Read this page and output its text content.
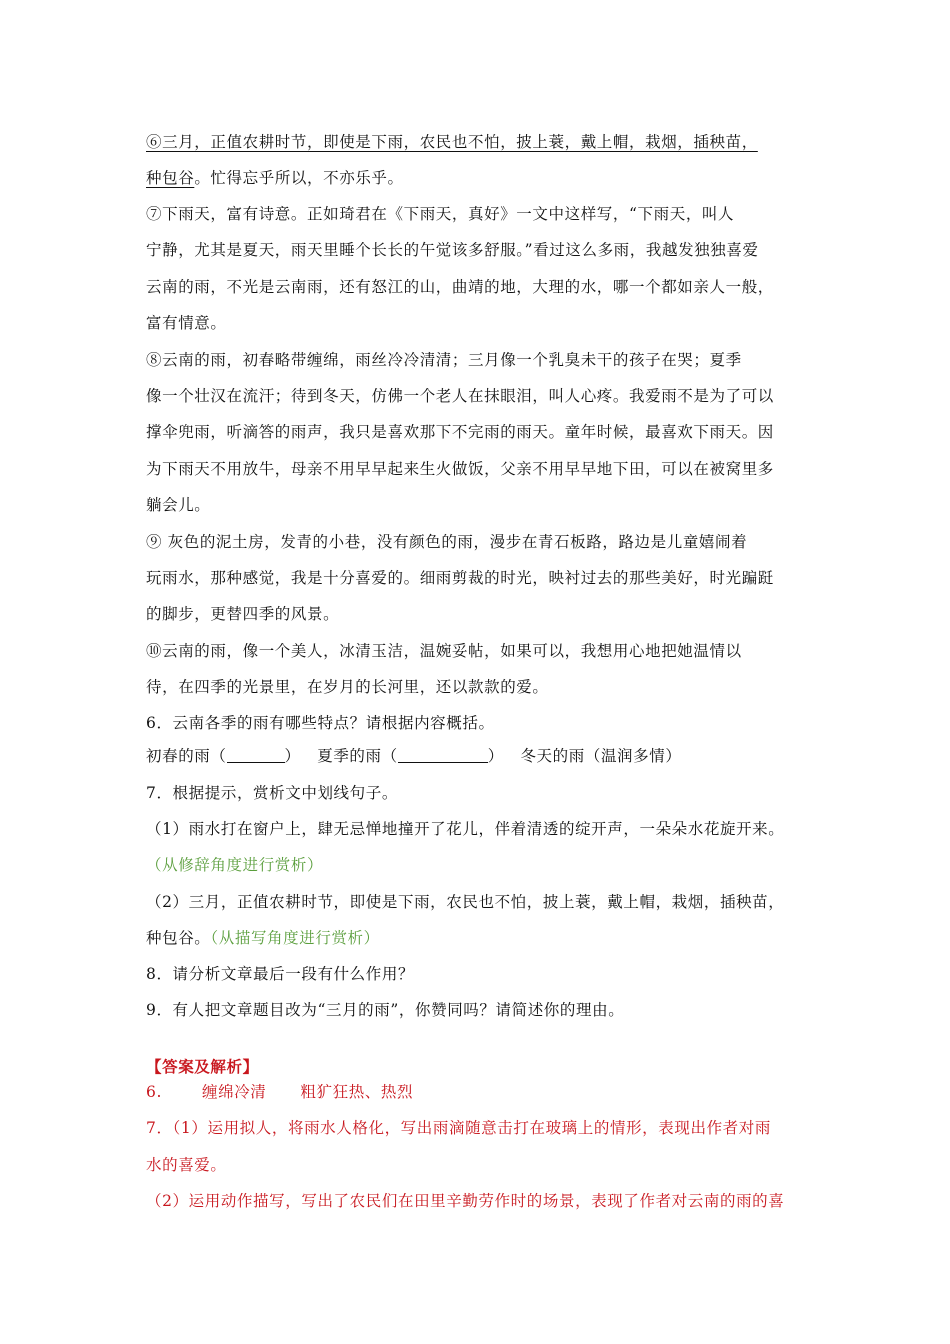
⑥三月，正值农耕时节，即使是下雨，农民也不怕，披上蓑，戴上帽，栽烟，插秧苗，
种包谷。忙得忘乎所以，不亦乐乎。
⑦下雨天，富有诗意。正如琦君在《下雨天，真好》一文中这样写，“下雨天，叫人
宁静，尤其是夏天，雨天里睡个长长的午觉该多舒服。”看过这么多雨，我越发独独喜爱
云南的雨，不光是云南雨，还有怒江的山，曲靖的地，大理的水，哪一个都如亲人一般，
富有情意。
⑧云南的雨，初春略带缠绵，雨丝冷冷清清；三月像一个乳臭未干的孩子在哭；夏季
像一个壮汉在流汗；待到冬天，仿佛一个老人在抹眼泪，叫人心疼。我爱雨不是为了可以
撑伞兜雨，听滴答的雨声，我只是喜欢那下不完雨的雨天。童年时候，最喜欢下雨天。因
为下雨天不用放牛，母亲不用早早起来生火做饭，父亲不用早早地下田，可以在被窝里多
躺会儿。
⑨ 灰色的泥土房，发青的小巷，没有颜色的雨，漫步在青石板路，路边是儿童嬉闹着
玩雨水，那种感觉，我是十分喜爱的。细雨剪裁的时光，映衬过去的那些美好，时光蹁跹
的脚步，更替四季的风景。
⑩云南的雨，像一个美人，冰清玉洁，温婉妥帖，如果可以，我想用心地把她温情以
待，在四季的光景里，在岁月的长河里，还以款款的爱。
6．云南各季的雨有哪些特点？请根据内容概括。
初春的雨（	） 夏季的雨（	） 冬天的雨（温润多情）
7．根据提示，赏析文中划线句子。
（1）雨水打在窗户上，肆无忌惮地撞开了花儿，伴着清透的绽开声，一朵朵水花旋开来。
（从修辞角度进行赏析）
（2）三月，正值农耕时节，即使是下雨，农民也不怕，披上蓑，戴上帽，栽烟，插秧苗，
种包谷。（从描写角度进行赏析）
8．请分析文章最后一段有什么作用？
9．有人把文章题目改为“三月的雨”，你赞同吗？请简述你的理由。
【答案及解析】
6.	缠绵冷清 粗犷狂热、热烈
7．（1）运用拟人，将雨水人格化，写出雨滴随意击打在玻璃上的情形，表现出作者对雨
水的喜爱。
（2）运用动作描写，写出了农民们在田里辛勤劳作时的场景，表现了作者对云南的雨的喜
